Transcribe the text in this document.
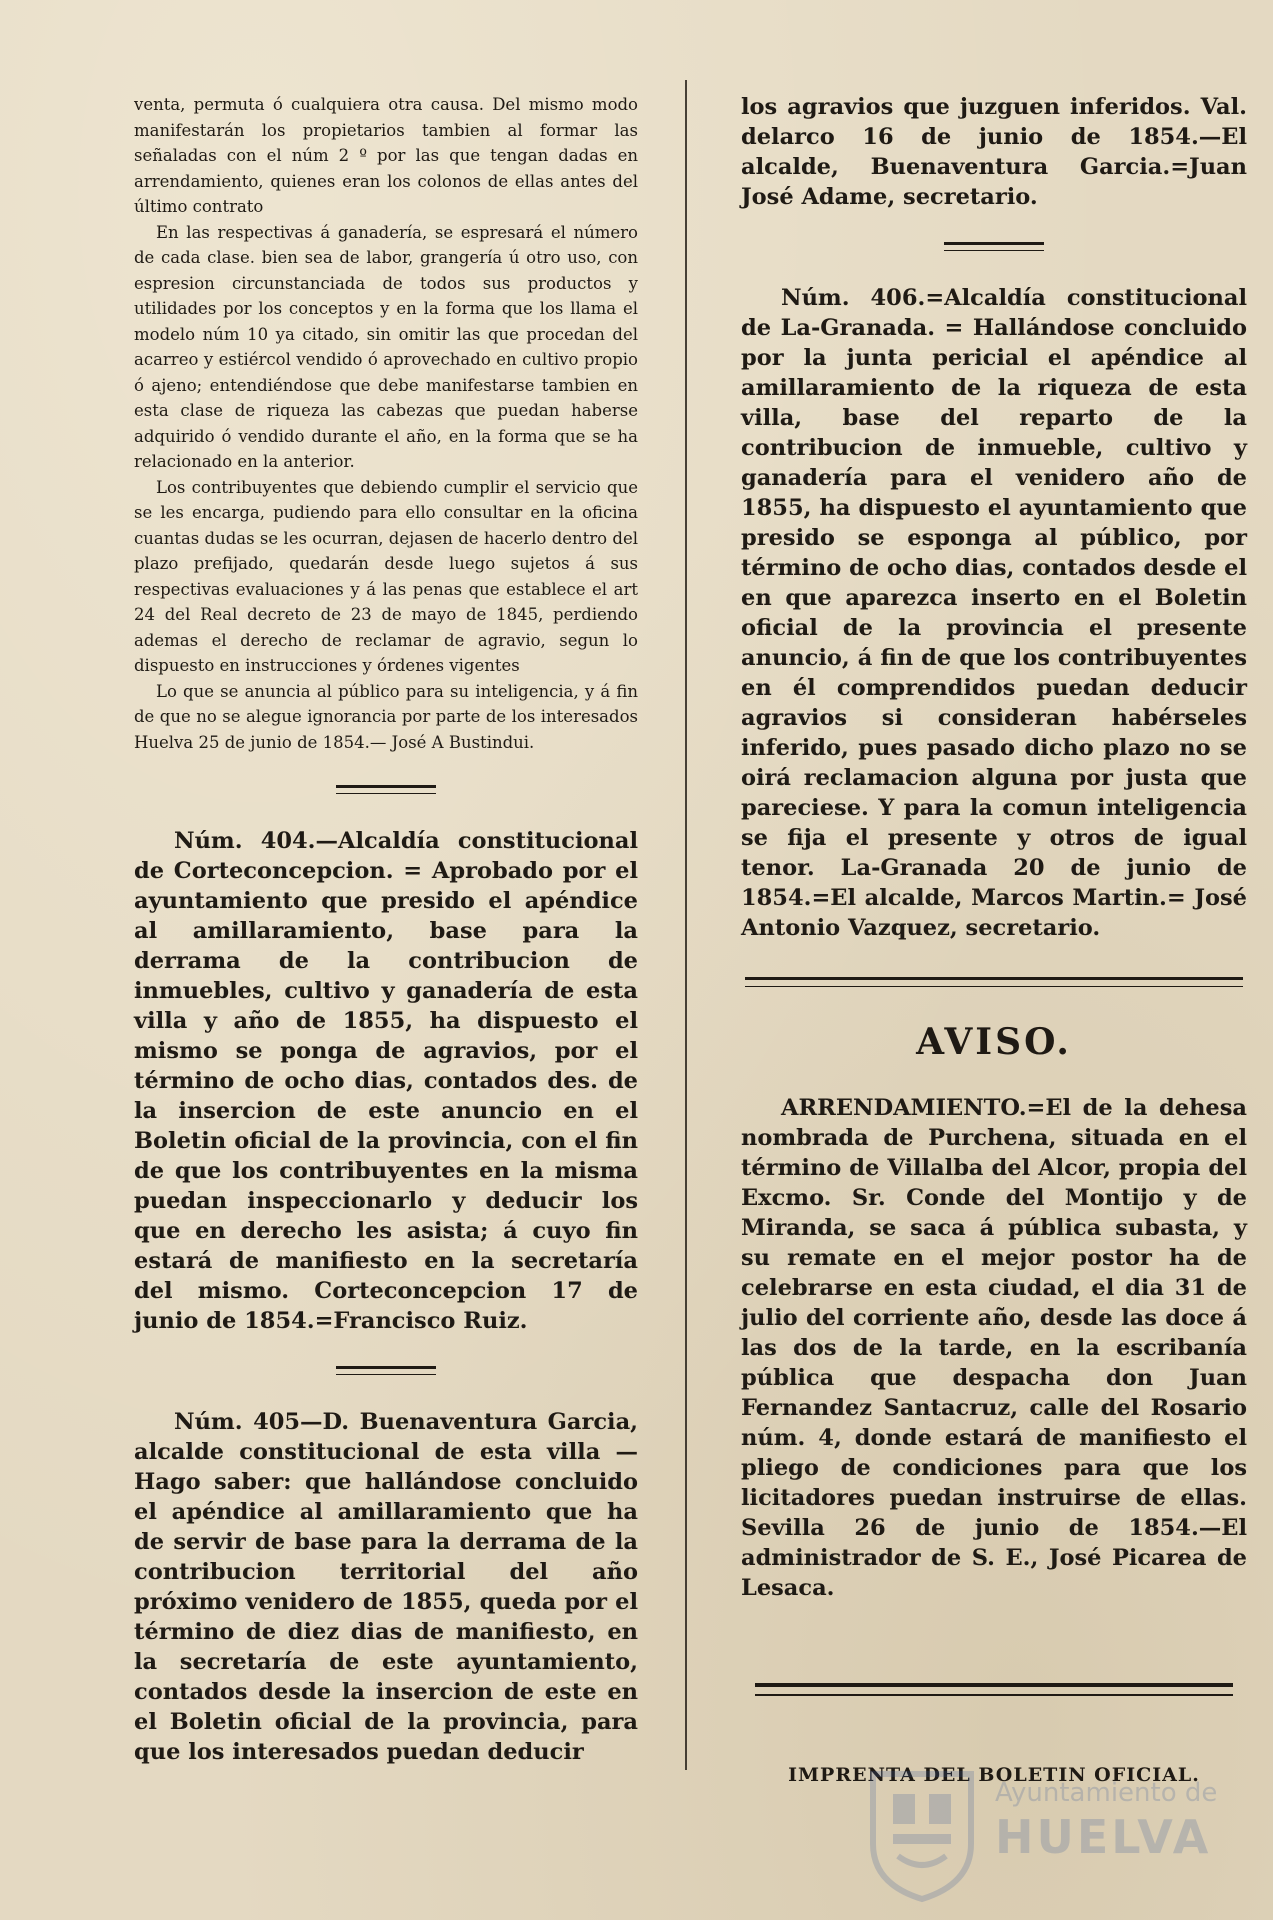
venta, permuta ó cualquiera otra causa. Del mismo modo manifestarán los propietarios tambien al formar las señaladas con el núm 2 º por las que tengan dadas en arrendamiento, quienes eran los colonos de ellas antes del último contrato

En las respectivas á ganadería, se espresará el número de cada clase. bien sea de labor, grangería ú otro uso, con espresion circunstanciada de todos sus productos y utilidades por los conceptos y en la forma que los llama el modelo núm 10 ya citado, sin omitir las que procedan del acarreo y estiércol vendido ó aprovechado en cultivo propio ó ajeno; entendiéndose que debe manifestarse tambien en esta clase de riqueza las cabezas que puedan haberse adquirido ó vendido durante el año, en la forma que se ha relacionado en la anterior.

Los contribuyentes que debiendo cumplir el servicio que se les encarga, pudiendo para ello consultar en la oficina cuantas dudas se les ocurran, dejasen de hacerlo dentro del plazo prefijado, quedarán desde luego sujetos á sus respectivas evaluaciones y á las penas que establece el art 24 del Real decreto de 23 de mayo de 1845, perdiendo ademas el derecho de reclamar de agravio, segun lo dispuesto en instrucciones y órdenes vigentes

Lo que se anuncia al público para su inteligencia, y á fin de que no se alegue ignorancia por parte de los interesados Huelva 25 de junio de 1854.— José A Bustindui.

Núm. 404.—Alcaldía constitucional de Corteconcepcion. = Aprobado por el ayuntamiento que presido el apéndice al amillaramiento, base para la derrama de la contribucion de inmuebles, cultivo y ganadería de esta villa y año de 1855, ha dispuesto el mismo se ponga de agravios, por el término de ocho dias, contados des. de la insercion de este anuncio en el Boletin oficial de la provincia, con el fin de que los contribuyentes en la misma puedan inspeccionarlo y deducir los que en derecho les asista; á cuyo fin estará de manifiesto en la secretaría del mismo. Corteconcepcion 17 de junio de 1854.=Francisco Ruiz.

Núm. 405—D. Buenaventura Garcia, alcalde constitucional de esta villa —Hago saber: que hallándose concluido el apéndice al amillaramiento que ha de servir de base para la derrama de la contribucion territorial del año próximo venidero de 1855, queda por el término de diez dias de manifiesto, en la secretaría de este ayuntamiento, contados desde la insercion de este en el Boletin oficial de la provincia, para que los interesados puedan deducir

los agravios que juzguen inferidos. Val. delarco 16 de junio de 1854.—El alcalde, Buenaventura Garcia.=Juan José Adame, secretario.

Núm. 406.=Alcaldía constitucional de La-Granada. = Hallándose concluido por la junta pericial el apéndice al amillaramiento de la riqueza de esta villa, base del reparto de la contribucion de inmueble, cultivo y ganadería para el venidero año de 1855, ha dispuesto el ayuntamiento que presido se esponga al público, por término de ocho dias, contados desde el en que aparezca inserto en el Boletin oficial de la provincia el presente anuncio, á fin de que los contribuyentes en él comprendidos puedan deducir agravios si consideran habérseles inferido, pues pasado dicho plazo no se oirá reclamacion alguna por justa que pareciese. Y para la comun inteligencia se fija el presente y otros de igual tenor. La-Granada 20 de junio de 1854.=El alcalde, Marcos Martin.= José Antonio Vazquez, secretario.

AVISO.

ARRENDAMIENTO.=El de la dehesa nombrada de Purchena, situada en el término de Villalba del Alcor, propia del Excmo. Sr. Conde del Montijo y de Miranda, se saca á pública subasta, y su remate en el mejor postor ha de celebrarse en esta ciudad, el dia 31 de julio del corriente año, desde las doce á las dos de la tarde, en la escribanía pública que despacha don Juan Fernandez Santacruz, calle del Rosario núm. 4, donde estará de manifiesto el pliego de condiciones para que los licitadores puedan instruirse de ellas. Sevilla 26 de junio de 1854.—El administrador de S. E., José Picarea de Lesaca.

IMPRENTA DEL BOLETIN OFICIAL.
Ayuntamiento de
HUELVA
